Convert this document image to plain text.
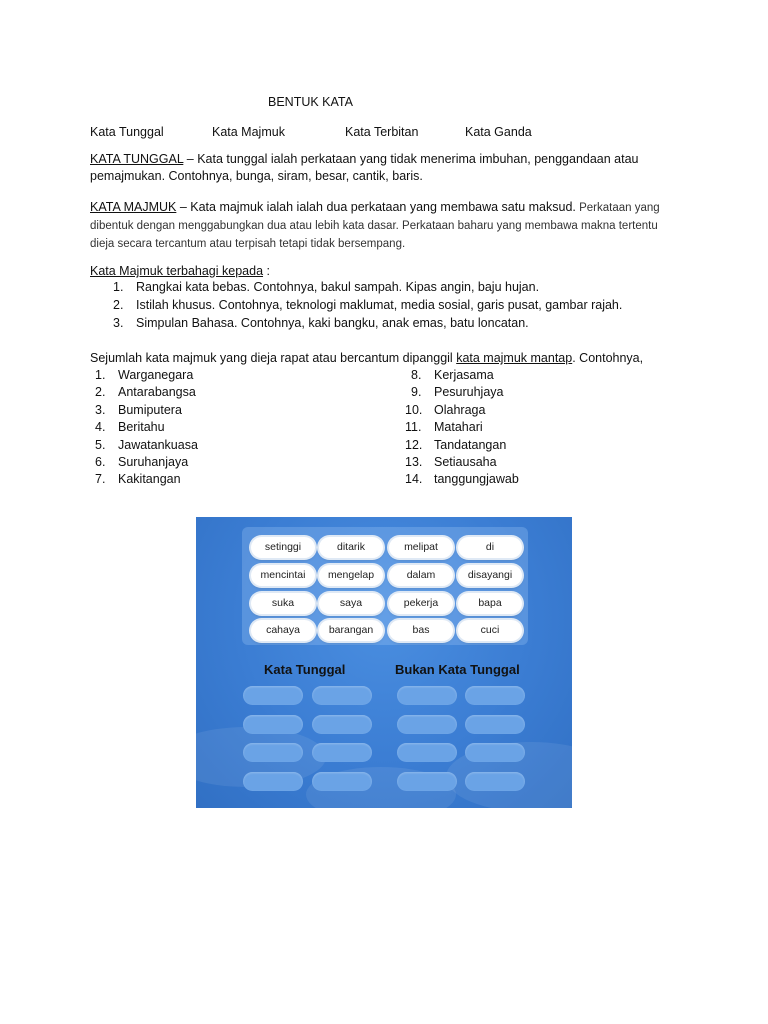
BENTUK KATA
Kata Tunggal	Kata Majmuk	Kata Terbitan	Kata Ganda
KATA TUNGGAL – Kata tunggal ialah perkataan yang tidak menerima imbuhan, penggandaan atau pemajmukan. Contohnya, bunga, siram, besar, cantik, baris.
KATA MAJMUK – Kata majmuk ialah ialah dua perkataan yang membawa satu maksud. Perkataan yang dibentuk dengan menggabungkan dua atau lebih kata dasar. Perkataan baharu yang membawa makna tertentu dieja secara tercantum atau terpisah tetapi tidak bersempang.
Kata Majmuk terbahagi kepada :
1. Rangkai kata bebas. Contohnya, bakul sampah. Kipas angin, baju hujan.
2. Istilah khusus. Contohnya, teknologi maklumat, media sosial, garis pusat, gambar rajah.
3. Simpulan Bahasa. Contohnya, kaki bangku, anak emas, batu loncatan.
Sejumlah kata majmuk yang dieja rapat atau bercantum dipanggil kata majmuk mantap. Contohnya,
1. Warganegara
2. Antarabangsa
3. Bumiputera
4. Beritahu
5. Jawatankuasa
6. Suruhanjaya
7. Kakitangan
8. Kerjasama
9. Pesuruhjaya
10. Olahraga
11. Matahari
12. Tandatangan
13. Setiausaha
14. tanggungjawab
setinggi	ditarik	melipat	di
mencintai	mengelap	dalam	disayangi
suka	saya	pekerja	bapa
cahaya	barangan	bas	cuci
Kata Tunggal	Bukan Kata Tunggal
